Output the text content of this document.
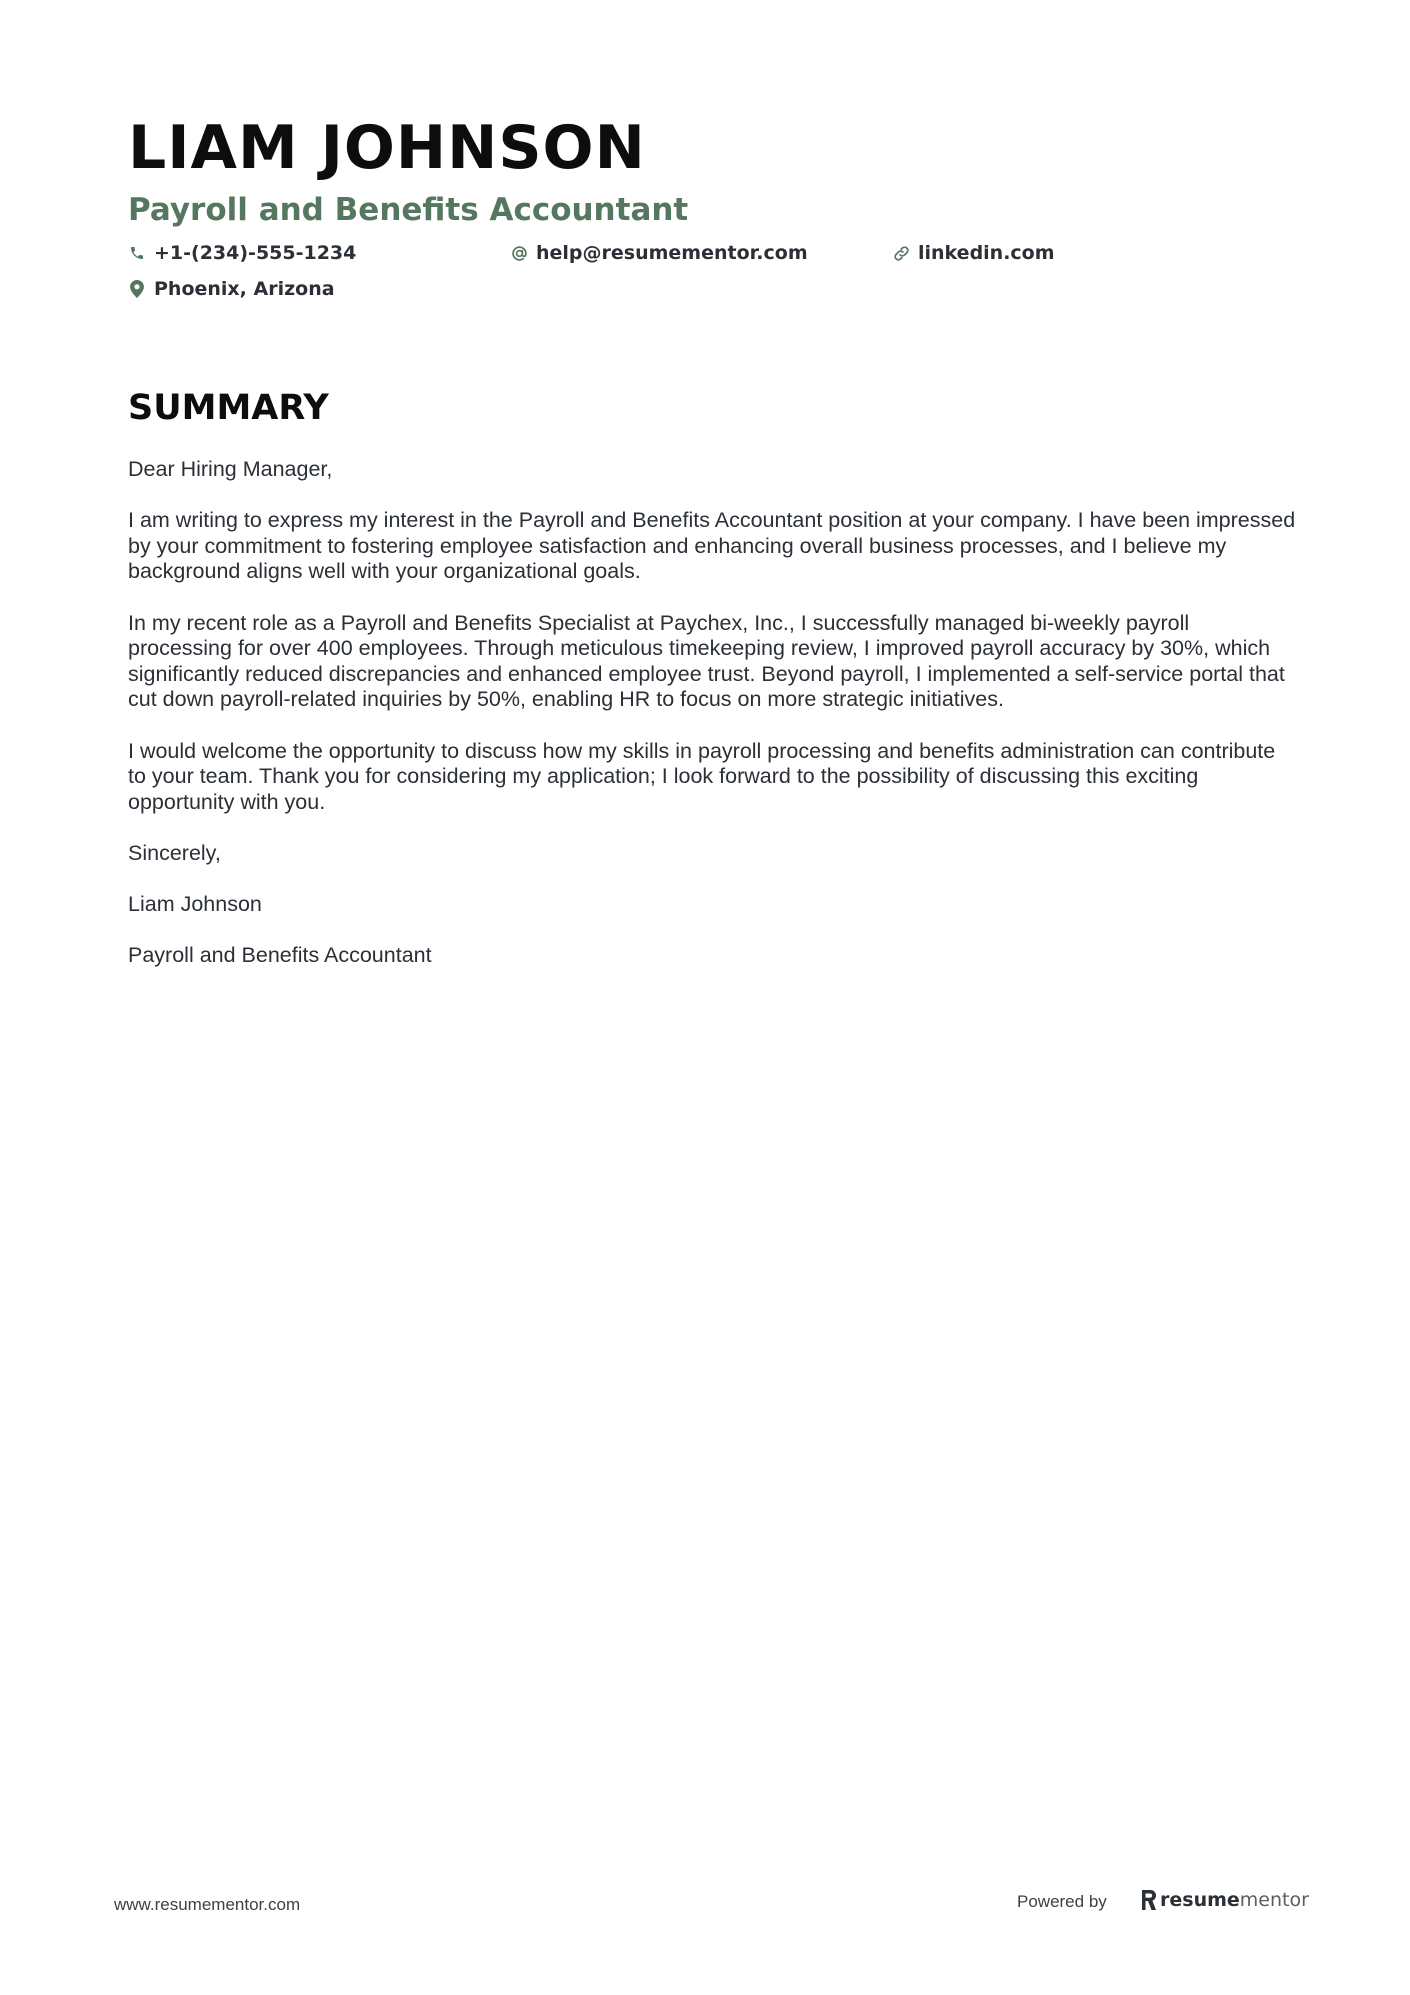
LIAM JOHNSON
Payroll and Benefits Accountant
+1-(234)-555-1234	help@resumementor.com	linkedin.com
Phoenix, Arizona
SUMMARY

Dear Hiring Manager,

I am writing to express my interest in the Payroll and Benefits Accountant position at your company. I have been impressed by your commitment to fostering employee satisfaction and enhancing overall business processes, and I believe my background aligns well with your organizational goals.

In my recent role as a Payroll and Benefits Specialist at Paychex, Inc., I successfully managed bi-weekly payroll processing for over 400 employees. Through meticulous timekeeping review, I improved payroll accuracy by 30%, which significantly reduced discrepancies and enhanced employee trust. Beyond payroll, I implemented a self-service portal that cut down payroll-related inquiries by 50%, enabling HR to focus on more strategic initiatives.

I would welcome the opportunity to discuss how my skills in payroll processing and benefits administration can contribute to your team. Thank you for considering my application; I look forward to the possibility of discussing this exciting opportunity with you.

Sincerely,

Liam Johnson

Payroll and Benefits Accountant

www.resumementor.com	Powered by	resume mentor
